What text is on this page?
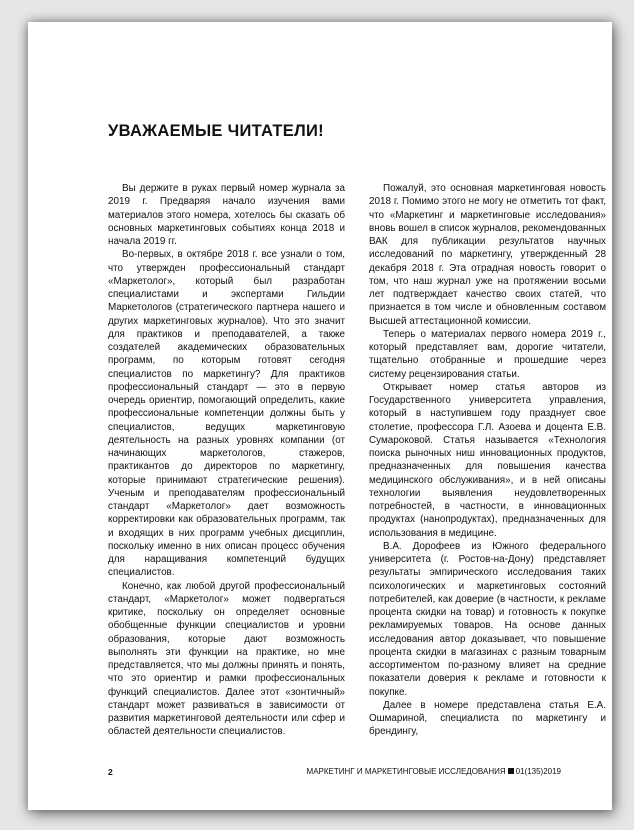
УВАЖАЕМЫЕ ЧИТАТЕЛИ!

Вы держите в руках первый номер журнала за 2019 г. Предваряя начало изучения вами материалов этого номера, хотелось бы сказать об основных маркетинговых событиях конца 2018 и начала 2019 гг.

Во-первых, в октябре 2018 г. все узнали о том, что утвержден профессиональный стандарт «Маркетолог», который был разработан специалистами и экспертами Гильдии Маркетологов (стратегического партнера нашего и других маркетинговых журналов). Что это значит для практиков и преподавателей, а также создателей академических образовательных программ, по которым готовят сегодня специалистов по маркетингу? Для практиков профессиональный стандарт — это в первую очередь ориентир, помогающий определить, какие профессиональные компетенции должны быть у специалистов, ведущих маркетинговую деятельность на разных уровнях компании (от начинающих маркетологов, стажеров, практикантов до директоров по маркетингу, которые принимают стратегические решения). Ученым и преподавателям профессиональный стандарт «Маркетолог» дает возможность корректировки как образовательных программ, так и входящих в них программ учебных дисциплин, поскольку именно в них описан процесс обучения для наращивания компетенций будущих специалистов.

Конечно, как любой другой профессиональный стандарт, «Маркетолог» может подвергаться критике, поскольку он определяет основные обобщенные функции специалистов и уровни образования, которые дают возможность выполнять эти функции на практике, но мне представляется, что мы должны принять и понять, что это ориентир и рамки профессиональных функций специалистов. Далее этот «зонтичный» стандарт может развиваться в зависимости от развития маркетинговой деятельности или сфер и областей деятельности специалистов.

Пожалуй, это основная маркетинговая новость 2018 г. Помимо этого не могу не отметить тот факт, что «Маркетинг и маркетинговые исследования» вновь вошел в список журналов, рекомендованных ВАК для публикации результатов научных исследований по маркетингу, утвержденный 28 декабря 2018 г. Эта отрадная новость говорит о том, что наш журнал уже на протяжении восьми лет подтверждает качество своих статей, что признается в том числе и обновленным составом Высшей аттестационной комиссии.

Теперь о материалах первого номера 2019 г., который представляет вам, дорогие читатели, тщательно отобранные и прошедшие через систему рецензирования статьи.

Открывает номер статья авторов из Государственного университета управления, который в наступившем году празднует свое столетие, профессора Г.Л. Азоева и доцента Е.В. Сумароковой. Статья называется «Технология поиска рыночных ниш инновационных продуктов, предназначенных для повышения качества медицинского обслуживания», и в ней описаны технологии выявления неудовлетворенных потребностей, в частности, в инновационных продуктах (нанопродуктах), предназначенных для использования в медицине.

В.А. Дорофеев из Южного федерального университета (г. Ростов-на-Дону) представляет результаты эмпирического исследования таких психологических и маркетинговых состояний потребителей, как доверие (в частности, к рекламе процента скидки на товар) и готовность к покупке рекламируемых товаров. На основе данных исследования автор доказывает, что повышение процента скидки в магазинах с разным товарным ассортиментом по-разному влияет на средние показатели доверия к рекламе и готовности к покупке.

Далее в номере представлена статья Е.А. Ошмариной, специалиста по маркетингу и брендингу,

2	МАРКЕТИНГ И МАРКЕТИНГОВЫЕ ИССЛЕДОВАНИЯ 01(135)2019
